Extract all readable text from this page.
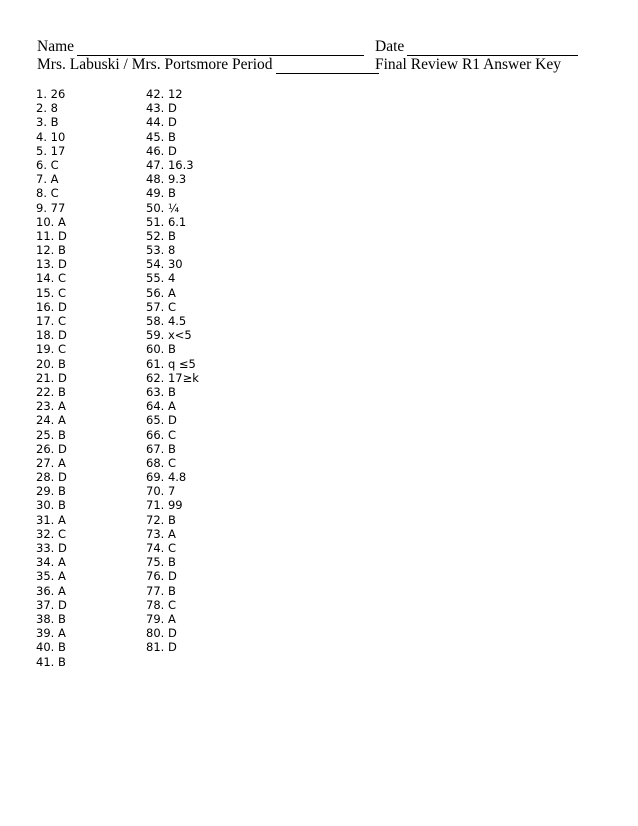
Name	Date
Mrs. Labuski / Mrs. Portsmore Period	Final Review R1 Answer Key
1. 26
2. 8
3. B
4. 10
5. 17
6. C
7. A
8. C
9. 77
10. A
11. D
12. B
13. D
14. C
15. C
16. D
17. C
18. D
19. C
20. B
21. D
22. B
23. A
24. A
25. B
26. D
27. A
28. D
29. B
30. B
31. A
32. C
33. D
34. A
35. A
36. A
37. D
38. B
39. A
40. B
41. B
42. 12
43. D
44. D
45. B
46. D
47. 16.3
48. 9.3
49. B
50. ¼
51. 6.1
52. B
53. 8
54. 30
55. 4
56. A
57. C
58. 4.5
59. x<5
60. B
61. q ≤5
62. 17≥k
63. B
64. A
65. D
66. C
67. B
68. C
69. 4.8
70. 7
71. 99
72. B
73. A
74. C
75. B
76. D
77. B
78. C
79. A
80. D
81. D
